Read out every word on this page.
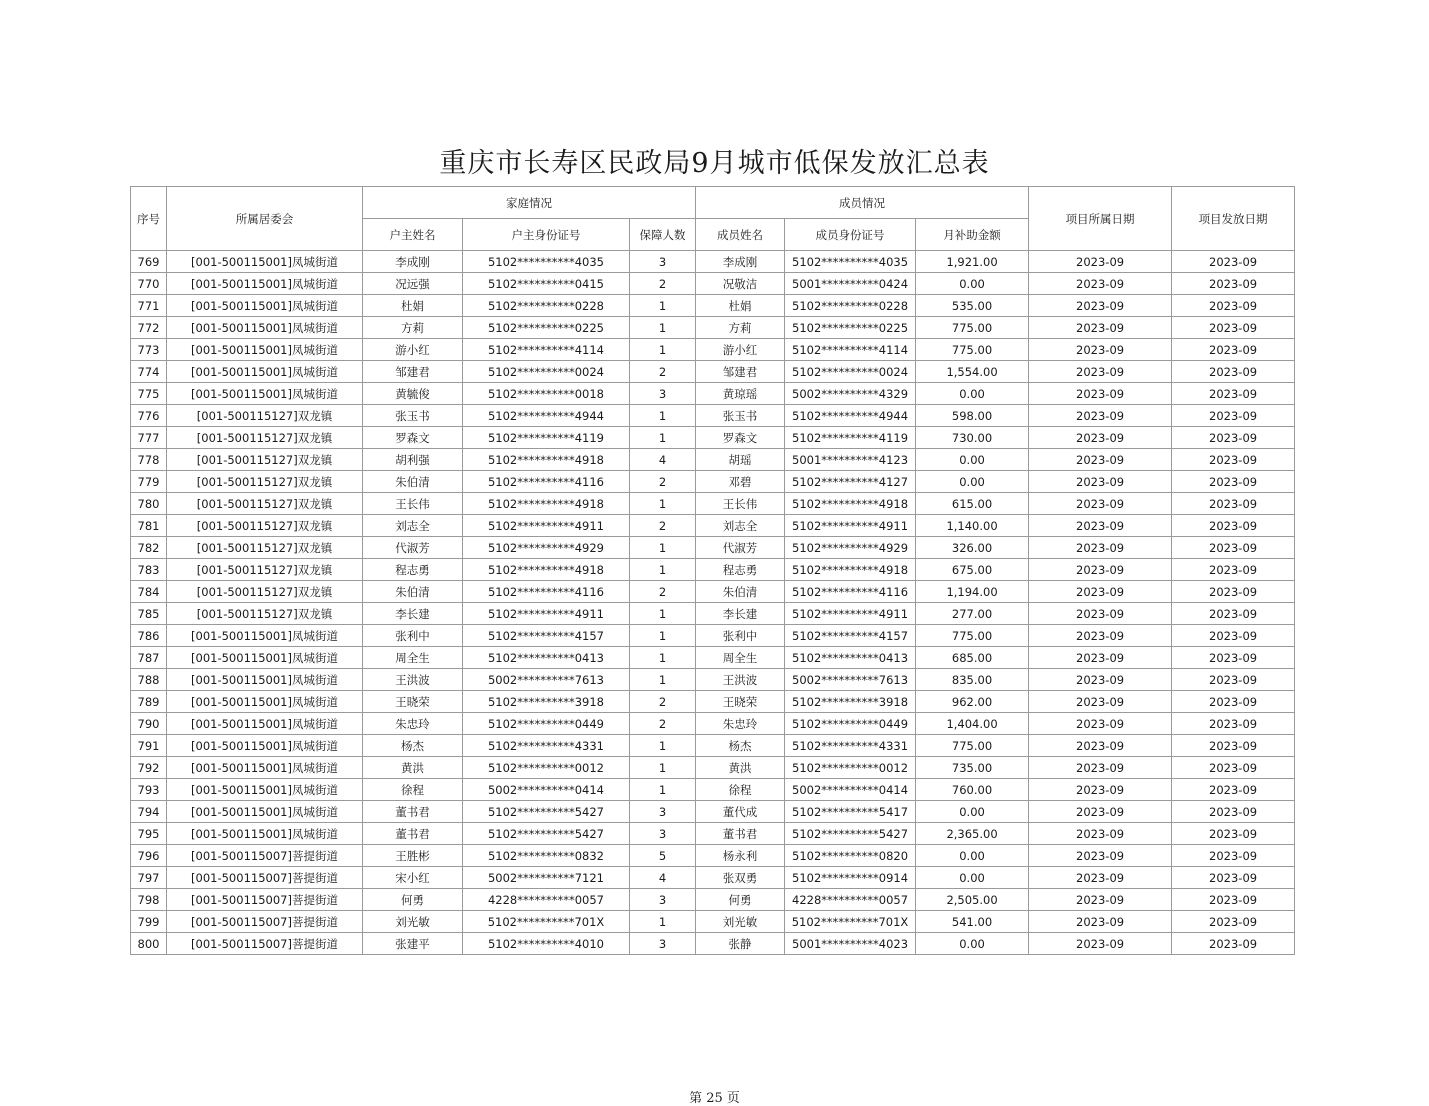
重庆市长寿区民政局9月城市低保发放汇总表
序号	所属居委会	家庭情况			成员情况			项目所属日期	项目发放日期
		户主姓名	户主身份证号	保障人数	成员姓名	成员身份证号	月补助金额		
769	[001-500115001]凤城街道	李成刚	5102**********4035	3	李成刚	5102**********4035	1,921.00	2023-09	2023-09
770	[001-500115001]凤城街道	况远强	5102**********0415	2	况敬洁	5001**********0424	0.00	2023-09	2023-09
771	[001-500115001]凤城街道	杜娟	5102**********0228	1	杜娟	5102**********0228	535.00	2023-09	2023-09
772	[001-500115001]凤城街道	方莉	5102**********0225	1	方莉	5102**********0225	775.00	2023-09	2023-09
773	[001-500115001]凤城街道	游小红	5102**********4114	1	游小红	5102**********4114	775.00	2023-09	2023-09
774	[001-500115001]凤城街道	邹建君	5102**********0024	2	邹建君	5102**********0024	1,554.00	2023-09	2023-09
775	[001-500115001]凤城街道	黄毓俊	5102**********0018	3	黄琼瑶	5002**********4329	0.00	2023-09	2023-09
776	[001-500115127]双龙镇	张玉书	5102**********4944	1	张玉书	5102**********4944	598.00	2023-09	2023-09
777	[001-500115127]双龙镇	罗森文	5102**********4119	1	罗森文	5102**********4119	730.00	2023-09	2023-09
778	[001-500115127]双龙镇	胡利强	5102**********4918	4	胡瑶	5001**********4123	0.00	2023-09	2023-09
779	[001-500115127]双龙镇	朱伯清	5102**********4116	2	邓碧	5102**********4127	0.00	2023-09	2023-09
780	[001-500115127]双龙镇	王长伟	5102**********4918	1	王长伟	5102**********4918	615.00	2023-09	2023-09
781	[001-500115127]双龙镇	刘志全	5102**********4911	2	刘志全	5102**********4911	1,140.00	2023-09	2023-09
782	[001-500115127]双龙镇	代淑芳	5102**********4929	1	代淑芳	5102**********4929	326.00	2023-09	2023-09
783	[001-500115127]双龙镇	程志勇	5102**********4918	1	程志勇	5102**********4918	675.00	2023-09	2023-09
784	[001-500115127]双龙镇	朱伯清	5102**********4116	2	朱伯清	5102**********4116	1,194.00	2023-09	2023-09
785	[001-500115127]双龙镇	李长建	5102**********4911	1	李长建	5102**********4911	277.00	2023-09	2023-09
786	[001-500115001]凤城街道	张利中	5102**********4157	1	张利中	5102**********4157	775.00	2023-09	2023-09
787	[001-500115001]凤城街道	周全生	5102**********0413	1	周全生	5102**********0413	685.00	2023-09	2023-09
788	[001-500115001]凤城街道	王洪波	5002**********7613	1	王洪波	5002**********7613	835.00	2023-09	2023-09
789	[001-500115001]凤城街道	王晓荣	5102**********3918	2	王晓荣	5102**********3918	962.00	2023-09	2023-09
790	[001-500115001]凤城街道	朱忠玲	5102**********0449	2	朱忠玲	5102**********0449	1,404.00	2023-09	2023-09
791	[001-500115001]凤城街道	杨杰	5102**********4331	1	杨杰	5102**********4331	775.00	2023-09	2023-09
792	[001-500115001]凤城街道	黄洪	5102**********0012	1	黄洪	5102**********0012	735.00	2023-09	2023-09
793	[001-500115001]凤城街道	徐程	5002**********0414	1	徐程	5002**********0414	760.00	2023-09	2023-09
794	[001-500115001]凤城街道	董书君	5102**********5427	3	董代成	5102**********5417	0.00	2023-09	2023-09
795	[001-500115001]凤城街道	董书君	5102**********5427	3	董书君	5102**********5427	2,365.00	2023-09	2023-09
796	[001-500115007]菩提街道	王胜彬	5102**********0832	5	杨永利	5102**********0820	0.00	2023-09	2023-09
797	[001-500115007]菩提街道	宋小红	5002**********7121	4	张双勇	5102**********0914	0.00	2023-09	2023-09
798	[001-500115007]菩提街道	何勇	4228**********0057	3	何勇	4228**********0057	2,505.00	2023-09	2023-09
799	[001-500115007]菩提街道	刘光敏	5102**********701X	1	刘光敏	5102**********701X	541.00	2023-09	2023-09
800	[001-500115007]菩提街道	张建平	5102**********4010	3	张静	5001**********4023	0.00	2023-09	2023-09
第 25 页
